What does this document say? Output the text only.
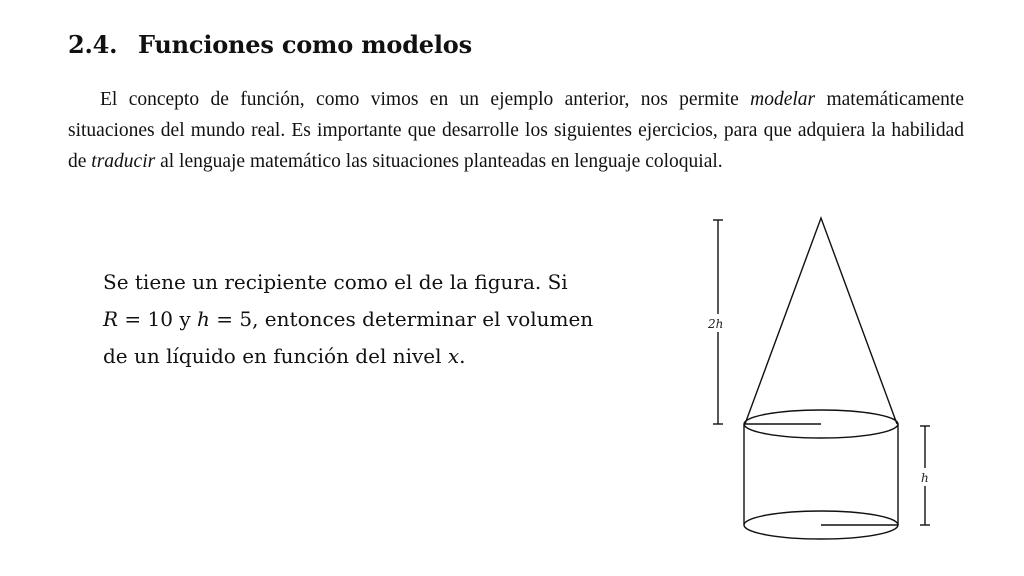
2.4. Funciones como modelos

El concepto de función, como vimos en un ejemplo anterior, nos permite modelar matemáticamente situaciones del mundo real. Es importante que desarrolle los siguientes ejercicios, para que adquiera la habilidad de traducir al lenguaje matemático las situaciones planteadas en lenguaje coloquial.

Se tiene un recipiente como el de la figura. Si
R = 10 y h = 5, entonces determinar el volumen
de un líquido en función del nivel x.

2h
h
